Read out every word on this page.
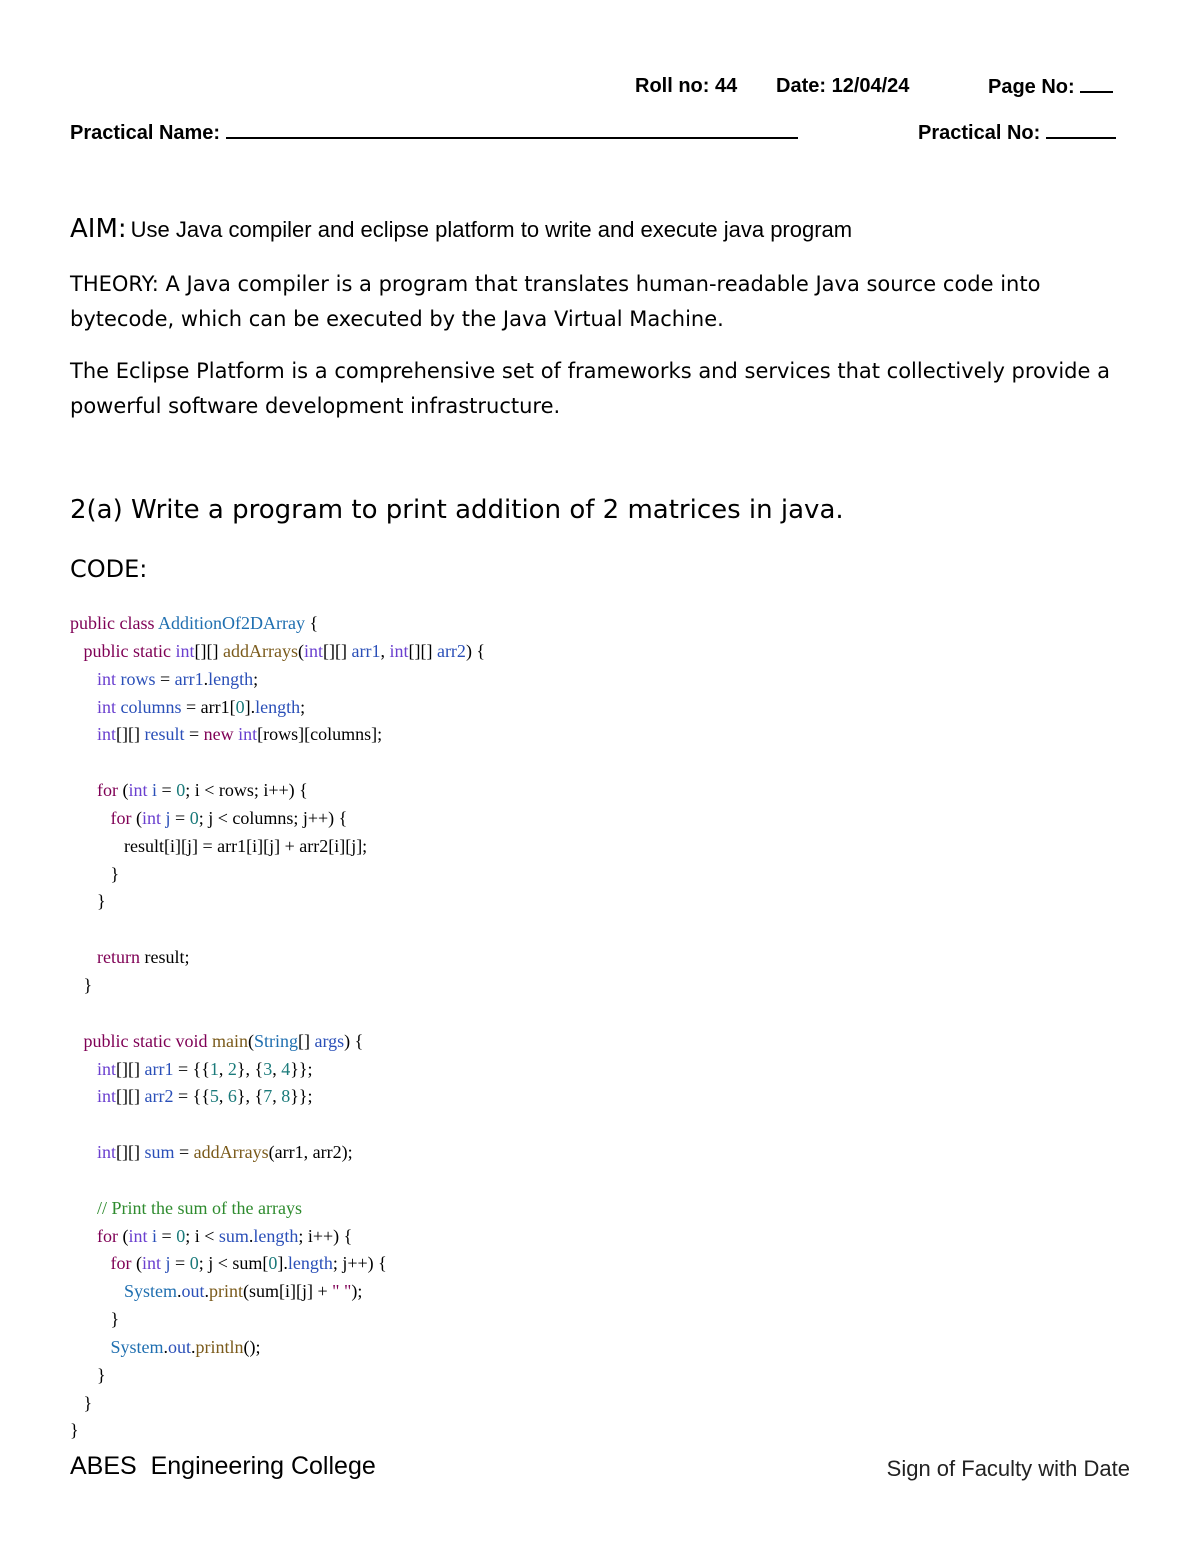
Roll no: 44 Date: 12/04/24	Page No:
Practical Name:	Practical No:
AIM: Use Java compiler and eclipse platform to write and execute java program

THEORY: A Java compiler is a program that translates human-readable Java source code into bytecode, which can be executed by the Java Virtual Machine.

The Eclipse Platform is a comprehensive set of frameworks and services that collectively provide a powerful software development infrastructure.

2(a) Write a program to print addition of 2 matrices in java.
CODE:
public class AdditionOf2DArray {
public static int[][] addArrays(int[][] arr1, int[][] arr2) {
int rows = arr1.length;
int columns = arr1[0].length;
int[][] result = new int[rows][columns];
for (int i = 0; i < rows; i++) {
for (int j = 0; j < columns; j++) {
result[i][j] = arr1[i][j] + arr2[i][j];
}
}
return result;
}
public static void main(String[] args) {
int[][] arr1 = {{1, 2}, {3, 4}};
int[][] arr2 = {{5, 6}, {7, 8}};
int[][] sum = addArrays(arr1, arr2);
// Print the sum of the arrays
for (int i = 0; i < sum.length; i++) {
for (int j = 0; j < sum[0].length; j++) {
System.out.print(sum[i][j] + " ");
}
System.out.println();
}
}
}
ABES  Engineering College	Sign of Faculty with Date
